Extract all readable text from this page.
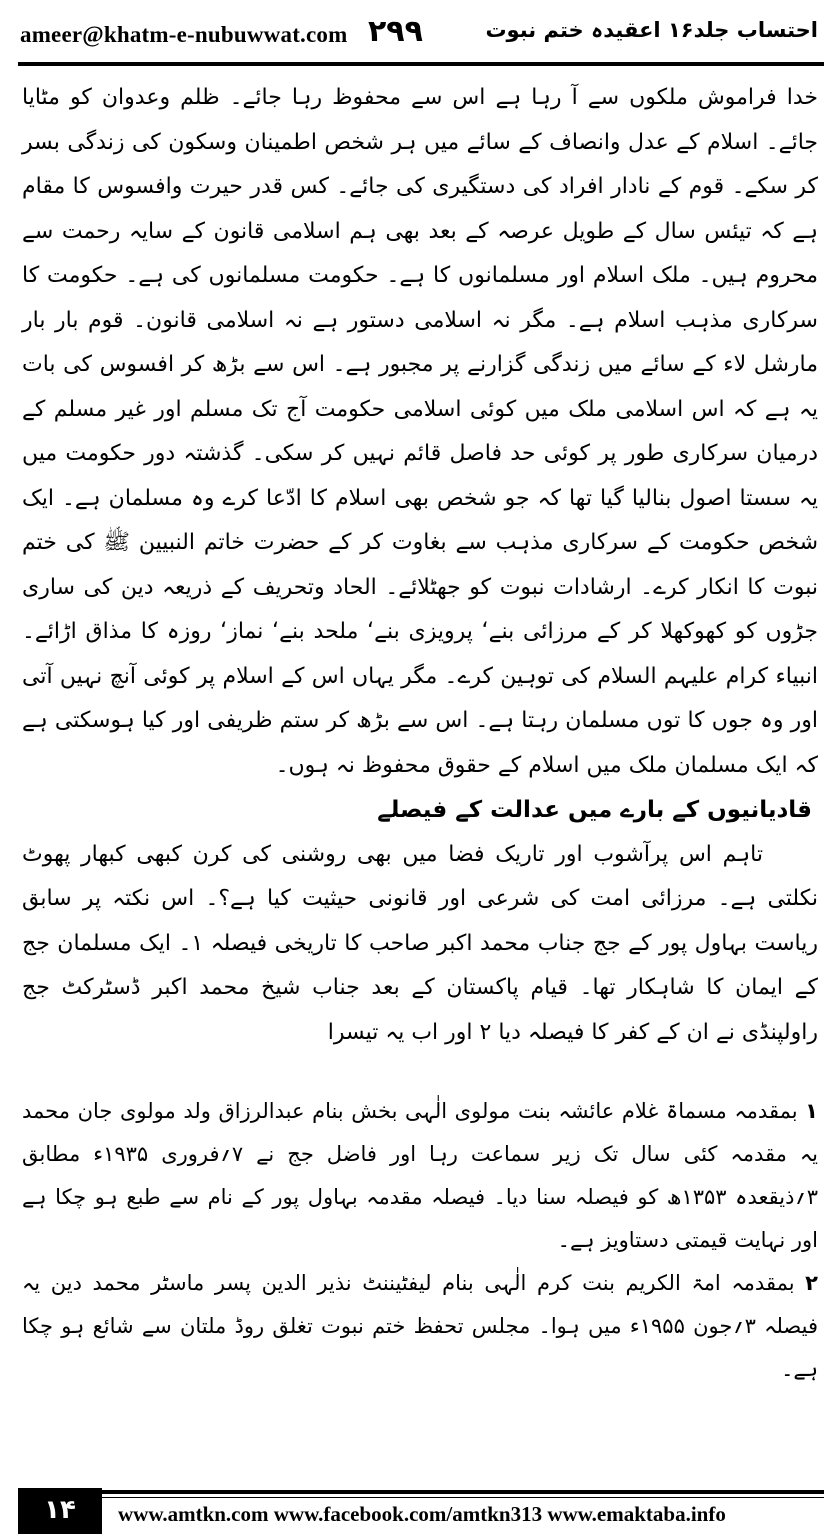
ameer@khatm-e-nubuwwat.com ۲۹۹	احتساب جلد۱۶ اعقیدہ ختم نبوت

خدا فراموش ملکوں سے آ رہا ہے اس سے محفوظ رہا جائے۔ ظلم وعدوان کو مٹایا جائے۔ اسلام کے عدل وانصاف کے سائے میں ہر شخص اطمینان وسکون کی زندگی بسر کر سکے۔ قوم کے نادار افراد کی دستگیری کی جائے۔ کس قدر حیرت وافسوس کا مقام ہے کہ تیئس سال کے طویل عرصہ کے بعد بھی ہم اسلامی قانون کے سایہ رحمت سے محروم ہیں۔ ملک اسلام اور مسلمانوں کا ہے۔ حکومت مسلمانوں کی ہے۔ حکومت کا سرکاری مذہب اسلام ہے۔ مگر نہ اسلامی دستور ہے نہ اسلامی قانون۔ قوم بار بار مارشل لاء کے سائے میں زندگی گزارنے پر مجبور ہے۔ اس سے بڑھ کر افسوس کی بات یہ ہے کہ اس اسلامی ملک میں کوئی اسلامی حکومت آج تک مسلم اور غیر مسلم کے درمیان سرکاری طور پر کوئی حد فاصل قائم نہیں کر سکی۔ گذشتہ دور حکومت میں یہ سستا اصول بنالیا گیا تھا کہ جو شخص بھی اسلام کا ادّعا کرے وہ مسلمان ہے۔ ایک شخص حکومت کے سرکاری مذہب سے بغاوت کر کے حضرت خاتم النبیین ﷺ کی ختم نبوت کا انکار کرے۔ ارشادات نبوت کو جھٹلائے۔ الحاد وتحریف کے ذریعہ دین کی ساری جڑوں کو کھوکھلا کر کے مرزائی بنے‘ پرویزی بنے‘ ملحد بنے‘ نماز‘ روزہ کا مذاق اڑائے۔ انبیاء کرام علیہم السلام کی توہین کرے۔ مگر یہاں اس کے اسلام پر کوئی آنچ نہیں آتی اور وہ جوں کا توں مسلمان رہتا ہے۔ اس سے بڑھ کر ستم ظریفی اور کیا ہوسکتی ہے کہ ایک مسلمان ملک میں اسلام کے حقوق محفوظ نہ ہوں۔

قادیانیوں کے بارے میں عدالت کے فیصلے

تاہم اس پرآشوب اور تاریک فضا میں بھی روشنی کی کرن کبھی کبھار پھوٹ نکلتی ہے۔ مرزائی امت کی شرعی اور قانونی حیثیت کیا ہے؟۔ اس نکتہ پر سابق ریاست بہاول پور کے جج جناب محمد اکبر صاحب کا تاریخی فیصلہ ۱۔ ایک مسلمان جج کے ایمان کا شاہکار تھا۔ قیام پاکستان کے بعد جناب شیخ محمد اکبر ڈسٹرکٹ جج راولپنڈی نے ان کے کفر کا فیصلہ دیا ۲ اور اب یہ تیسرا

۱ بمقدمہ مسماۃ غلام عائشہ بنت مولوی الٰہی بخش بنام عبدالرزاق ولد مولوی جان محمد یہ مقدمہ کئی سال تک زیر سماعت رہا اور فاضل جج نے ۷؍فروری ۱۹۳۵ء مطابق ۳؍ذیقعدہ ۱۳۵۳ھ کو فیصلہ سنا دیا۔ فیصلہ مقدمہ بہاول پور کے نام سے طبع ہو چکا ہے اور نہایت قیمتی دستاویز ہے۔

۲ بمقدمہ امۃ الکریم بنت کرم الٰہی بنام لیفٹیننٹ نذیر الدین پسر ماسٹر محمد دین یہ فیصلہ ۳؍جون ۱۹۵۵ء میں ہوا۔ مجلس تحفظ ختم نبوت تغلق روڈ ملتان سے شائع ہو چکا ہے۔

۱۴	www.amtkn.com www.facebook.com/amtkn313 www.emaktaba.info
